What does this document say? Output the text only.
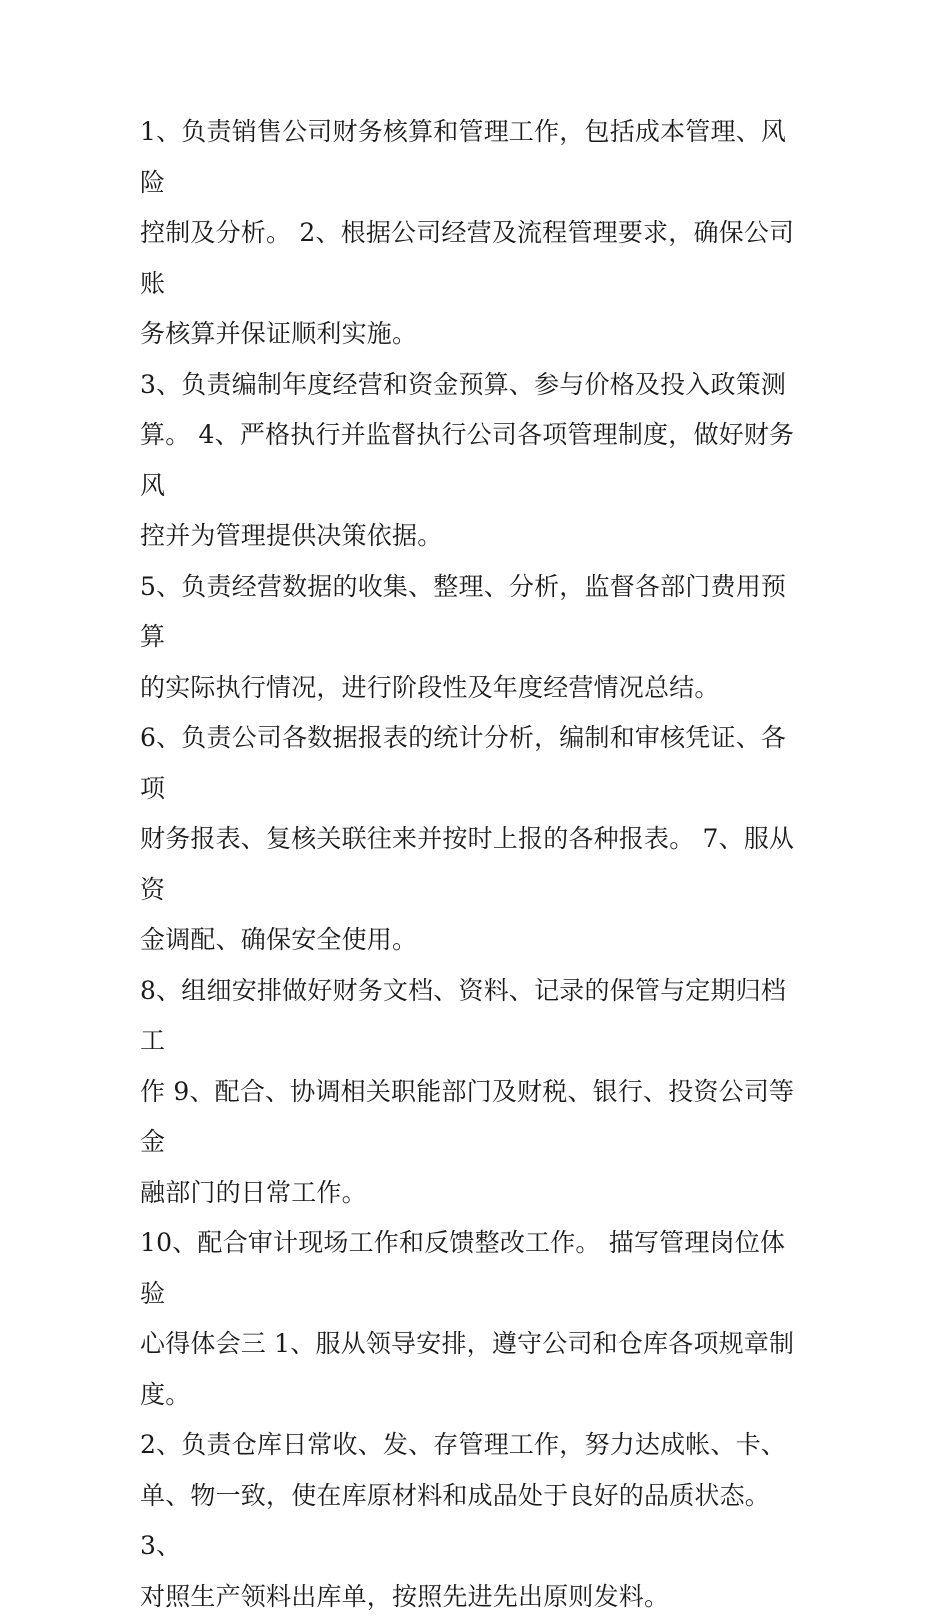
1、负责销售公司财务核算和管理工作，包括成本管理、风险
控制及分析。 2、根据公司经营及流程管理要求，确保公司账
务核算并保证顺利实施。

3、负责编制年度经营和资金预算、参与价格及投入政策测
算。 4、严格执行并监督执行公司各项管理制度，做好财务风
控并为管理提供决策依据。

5、负责经营数据的收集、整理、分析，监督各部门费用预算
的实际执行情况，进行阶段性及年度经营情况总结。

6、负责公司各数据报表的统计分析，编制和审核凭证、各项
财务报表、复核关联往来并按时上报的各种报表。 7、服从资
金调配、确保安全使用。

8、组细安排做好财务文档、资料、记录的保管与定期归档工
作 9、配合、协调相关职能部门及财税、银行、投资公司等金
融部门的日常工作。

10、配合审计现场工作和反馈整改工作。 描写管理岗位体验
心得体会三 1、服从领导安排，遵守公司和仓库各项规章制
度。

2、负责仓库日常收、发、存管理工作，努力达成帐、卡、
单、物一致，使在库原材料和成品处于良好的品质状态。 3、
对照生产领料出库单，按照先进先出原则发料。
